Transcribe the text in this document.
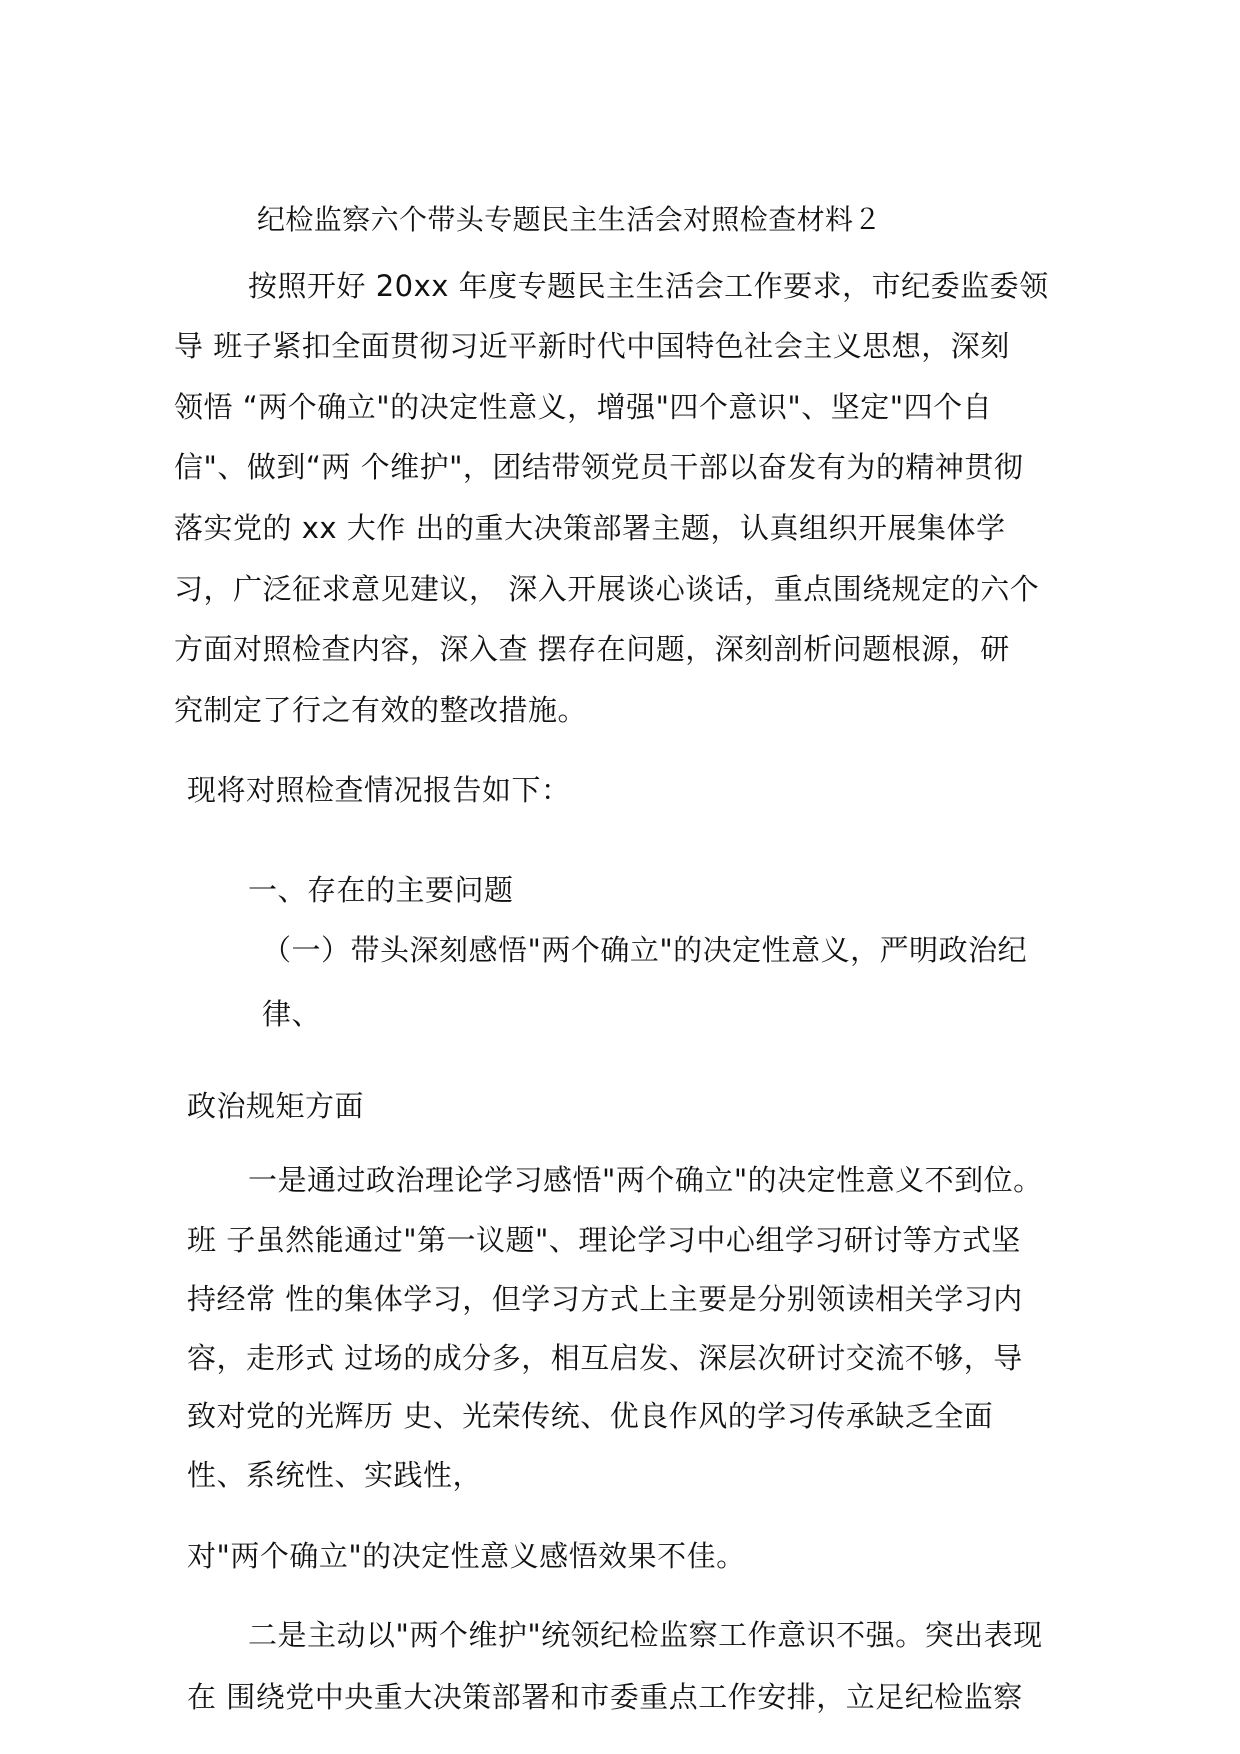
纪检监察六个带头专题民主生活会对照检查材料２
按照开好 20xx 年度专题民主生活会工作要求，市纪委监委领
导 班子紧扣全面贯彻习近平新时代中国特色社会主义思想，深刻
领悟 “两个确立"的决定性意义，增强"四个意识"、坚定"四个自
信"、做到“两 个维护"，团结带领党员干部以奋发有为的精神贯彻
落实党的 xx 大作 出的重大决策部署主题，认真组织开展集体学
习，广泛征求意见建议， 深入开展谈心谈话，重点围绕规定的六个
方面对照检查内容，深入查 摆存在问题，深刻剖析问题根源，研
究制定了行之有效的整改措施。
现将对照检查情况报告如下：
一、存在的主要问题
（一）带头深刻感悟"两个确立"的决定性意义，严明政治纪
律、
政治规矩方面
一是通过政治理论学习感悟"两个确立"的决定性意义不到位。
班 子虽然能通过"第一议题"、理论学习中心组学习研讨等方式坚
持经常 性的集体学习，但学习方式上主要是分别领读相关学习内
容，走形式 过场的成分多，相互启发、深层次研讨交流不够，导
致对党的光辉历 史、光荣传统、优良作风的学习传承缺乏全面
性、系统性、实践性，
对"两个确立"的决定性意义感悟效果不佳。
二是主动以"两个维护"统领纪检监察工作意识不强。突出表现
在 围绕党中央重大决策部署和市委重点工作安排，立足纪检监察
